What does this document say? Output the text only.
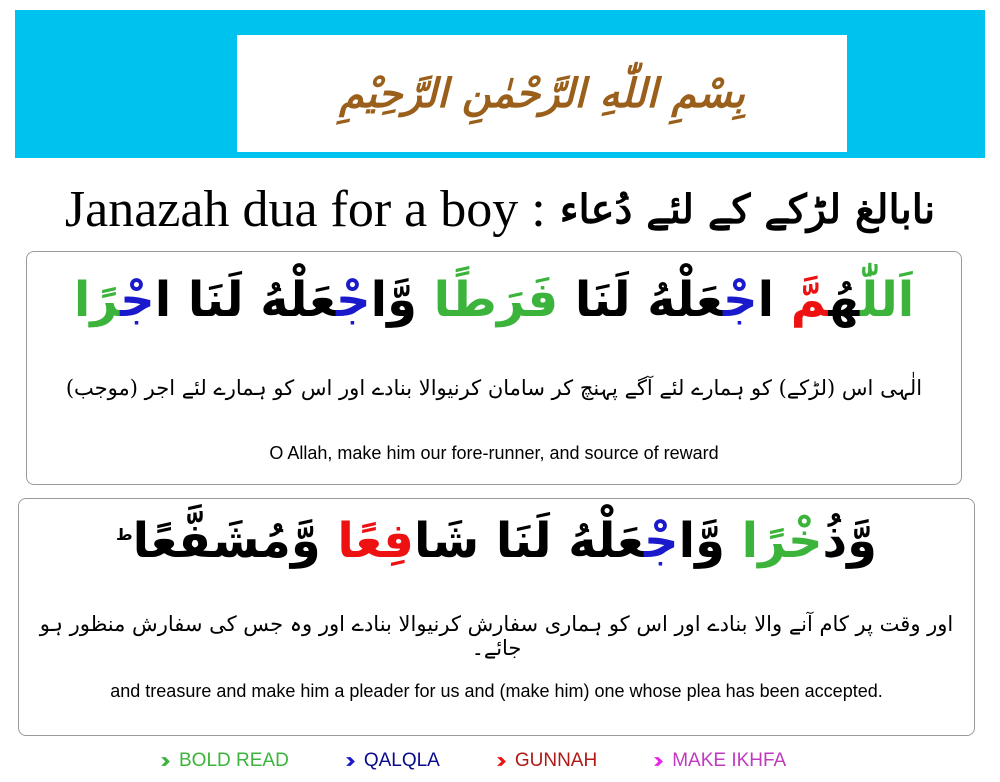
بِسْمِ اللّٰهِ الرَّحْمٰنِ الرَّحِيْمِ
Janazah dua for a boy : نابالغ لڑکے کے لئے دُعاء
اَللّٰهُمَّ اجْعَلْهُ لَنَا فَرَطًا وَّاجْعَلْهُ لَنَا اجْرًا
الٰہی اس (لڑکے) کو ہمارے لئے آگے پہنچ کر سامان کرنیوالا بنادے اور اس کو ہمارے لئے اجر (موجب)
O Allah, make him our fore-runner, and source of reward
وَّذُخْرًا وَّاجْعَلْهُ لَنَا شَافِعًا وَّمُشَفَّعًا$^ط$
اور وقت پر کام آنے والا بنادے اور اس کو ہماری سفارش کرنیوالا بنادے اور وہ جس کی سفارش منظور ہو جائے۔
and treasure and make him a pleader for us and (make him) one whose plea has been accepted.
BOLD READ	QALQLA	GUNNAH	MAKE IKHFA
